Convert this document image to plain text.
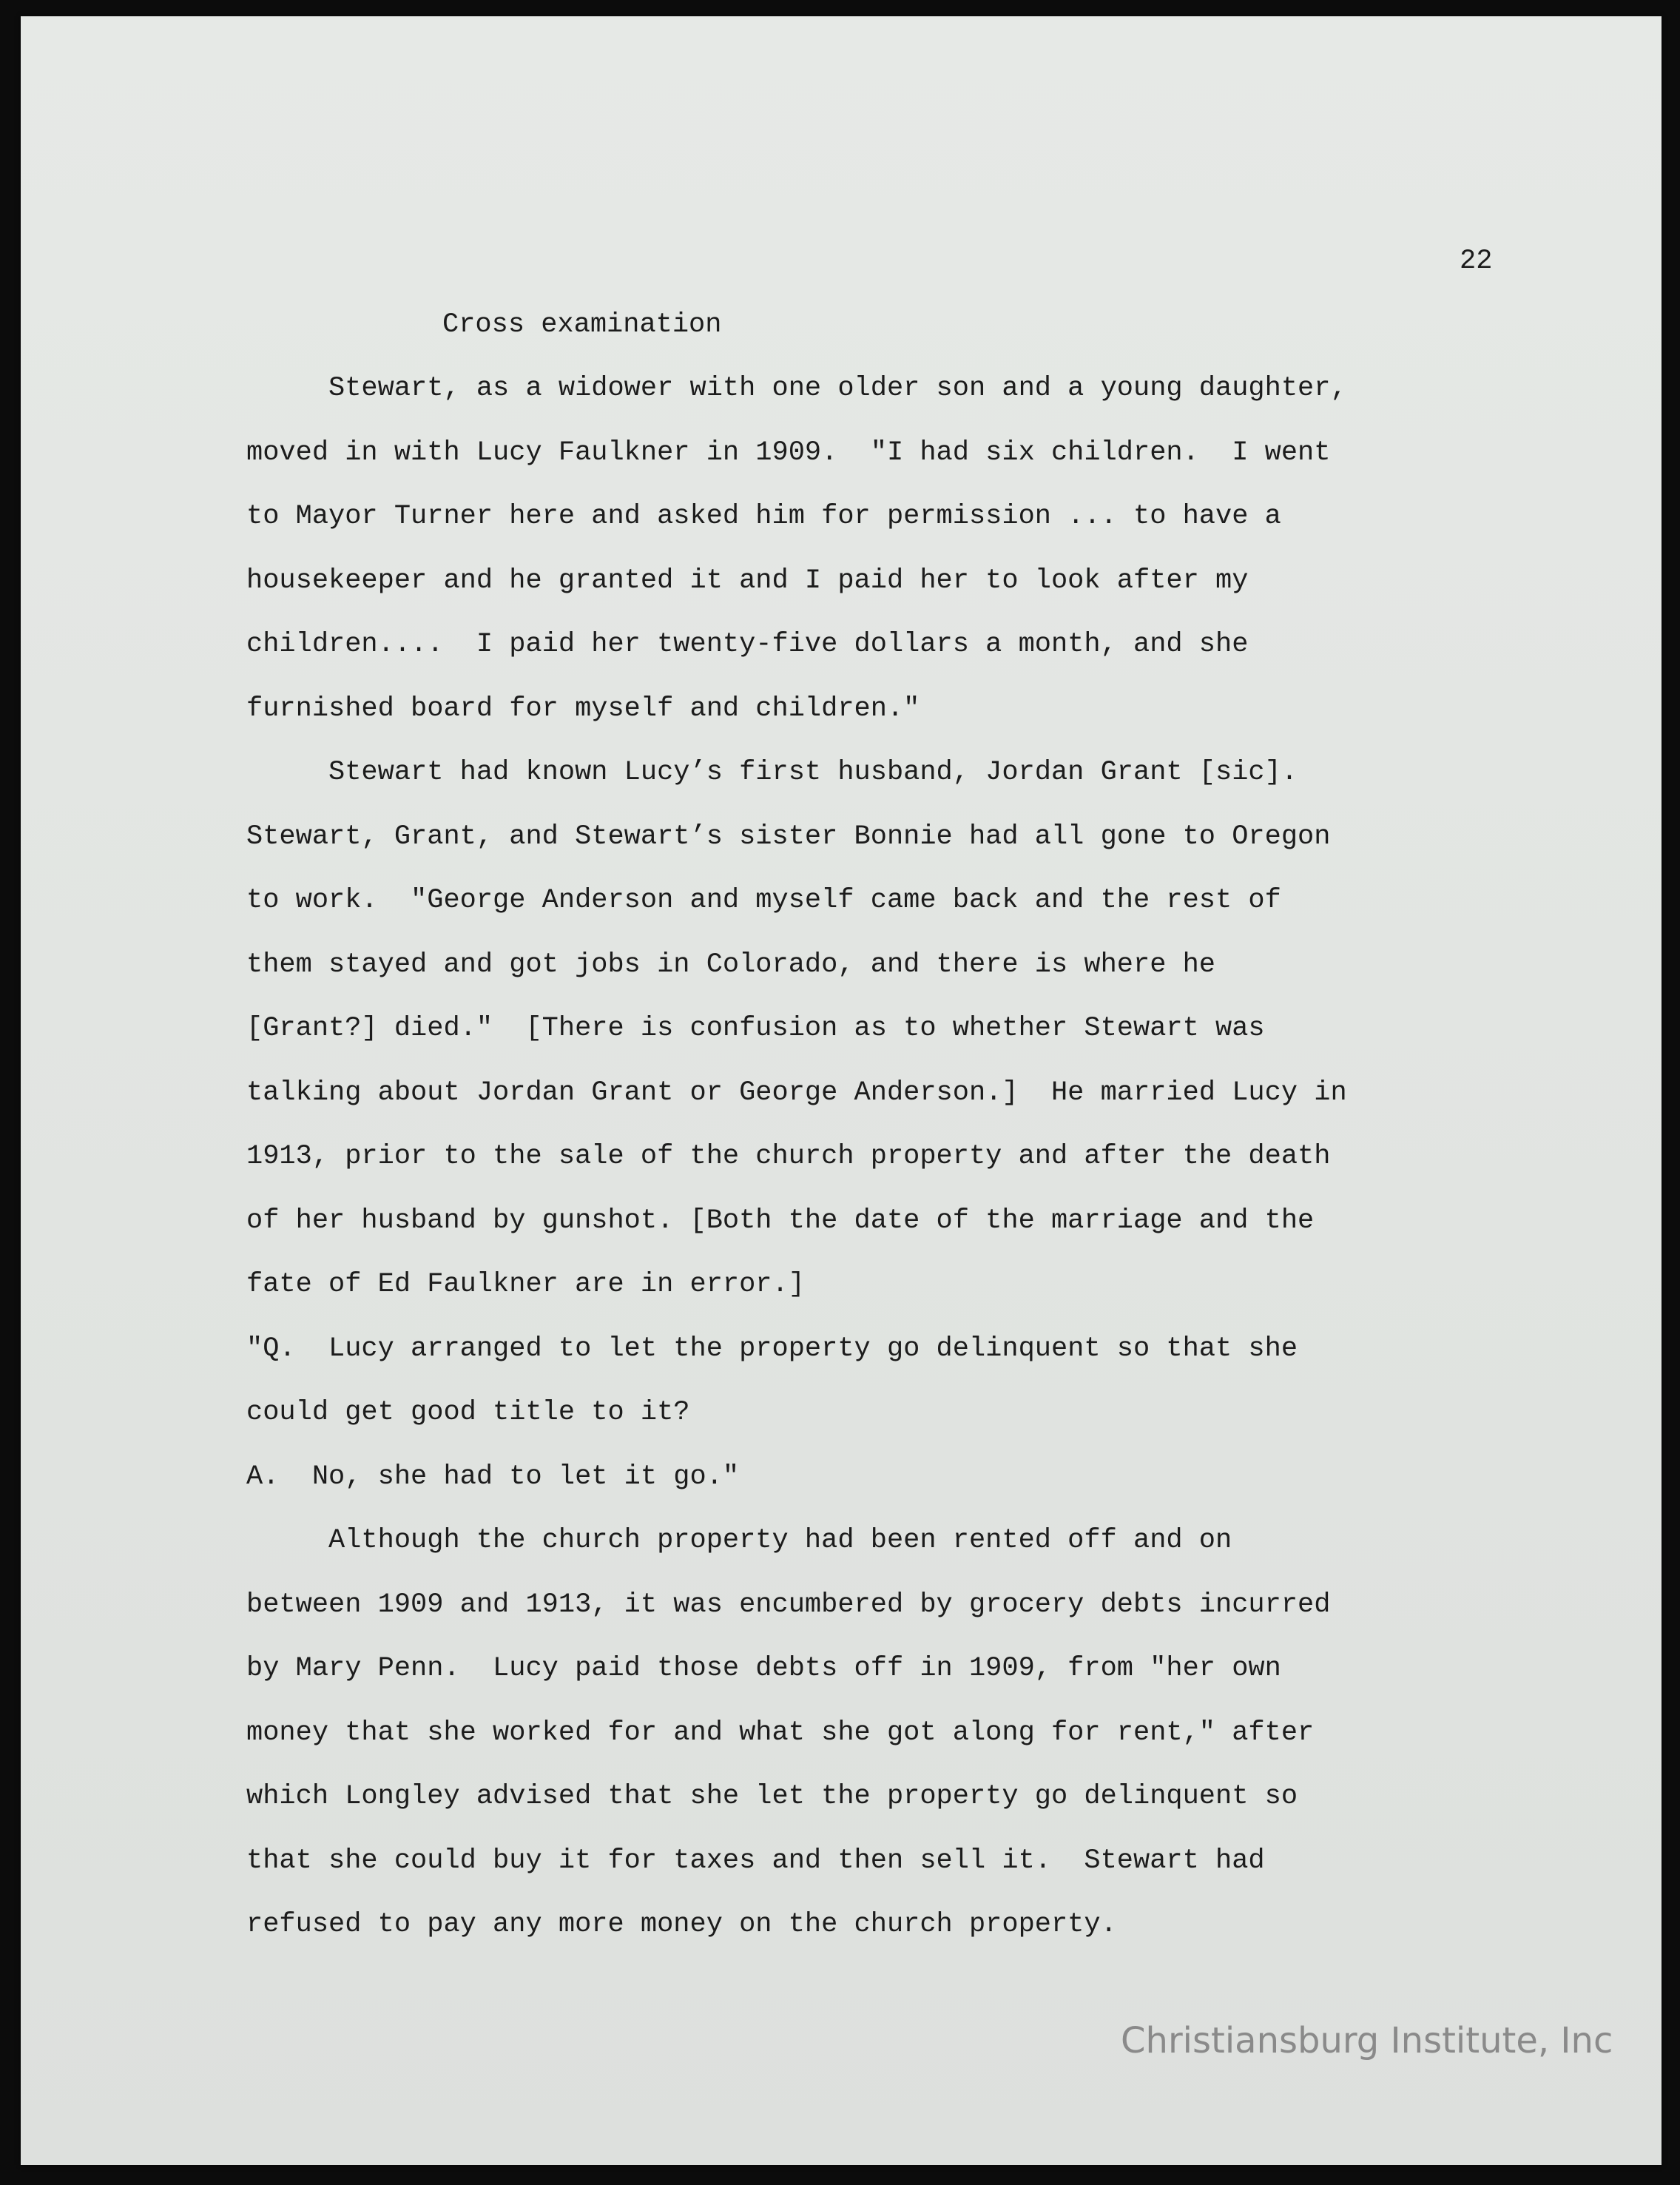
22
Cross examination
Stewart, as a widower with one older son and a young daughter,
moved in with Lucy Faulkner in 1909.  "I had six children.  I went
to Mayor Turner here and asked him for permission ... to have a
housekeeper and he granted it and I paid her to look after my
children....  I paid her twenty-five dollars a month, and she
furnished board for myself and children."
Stewart had known Lucy’s first husband, Jordan Grant [sic].
Stewart, Grant, and Stewart’s sister Bonnie had all gone to Oregon
to work.  "George Anderson and myself came back and the rest of
them stayed and got jobs in Colorado, and there is where he
[Grant?] died."  [There is confusion as to whether Stewart was
talking about Jordan Grant or George Anderson.]  He married Lucy in
1913, prior to the sale of the church property and after the death
of her husband by gunshot. [Both the date of the marriage and the
fate of Ed Faulkner are in error.]
"Q.  Lucy arranged to let the property go delinquent so that she
could get good title to it?
A.  No, she had to let it go."
Although the church property had been rented off and on
between 1909 and 1913, it was encumbered by grocery debts incurred
by Mary Penn.  Lucy paid those debts off in 1909, from "her own
money that she worked for and what she got along for rent," after
which Longley advised that she let the property go delinquent so
that she could buy it for taxes and then sell it.  Stewart had
refused to pay any more money on the church property.
Christiansburg Institute, Inc
